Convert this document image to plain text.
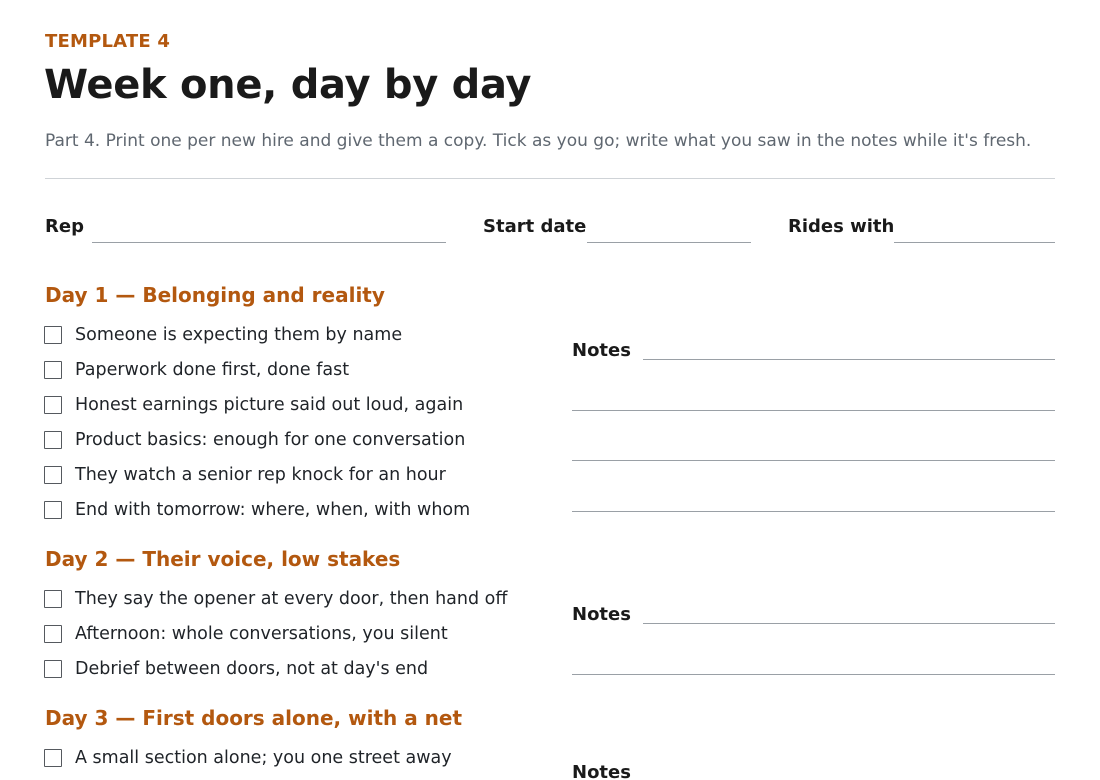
TEMPLATE 4
Week one, day by day
Part 4. Print one per new hire and give them a copy. Tick as you go; write what you saw in the notes while it's fresh.
Rep	Start date	Rides with
Day 1 — Belonging and reality
Someone is expecting them by name
Paperwork done first, done fast
Honest earnings picture said out loud, again
Product basics: enough for one conversation
They watch a senior rep knock for an hour
End with tomorrow: where, when, with whom
Notes
Day 2 — Their voice, low stakes
They say the opener at every door, then hand off
Afternoon: whole conversations, you silent
Debrief between doors, not at day's end
Notes
Day 3 — First doors alone, with a net
A small section alone; you one street away
Notes
